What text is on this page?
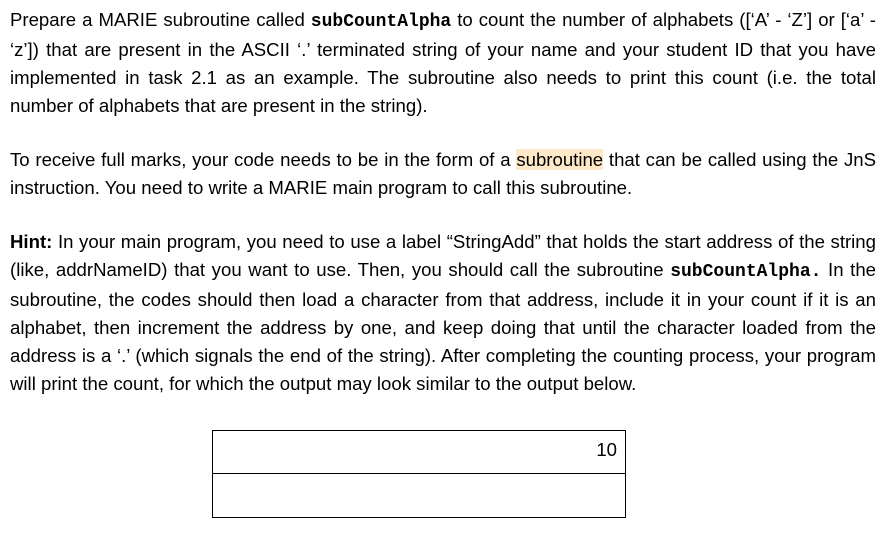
Prepare a MARIE subroutine called subCountAlpha to count the number of alphabets ([‘A’ - ‘Z’] or [‘a’ - ‘z’]) that are present in the ASCII ‘.’ terminated string of your name and your student ID that you have implemented in task 2.1 as an example. The subroutine also needs to print this count (i.e. the total number of alphabets that are present in the string).

To receive full marks, your code needs to be in the form of a subroutine that can be called using the JnS instruction. You need to write a MARIE main program to call this subroutine.

Hint: In your main program, you need to use a label “StringAdd” that holds the start address of the string (like, addrNameID) that you want to use. Then, you should call the subroutine subCountAlpha. In the subroutine, the codes should then load a character from that address, include it in your count if it is an alphabet, then increment the address by one, and keep doing that until the character loaded from the address is a ‘.’ (which signals the end of the string). After completing the counting process, your program will print the count, for which the output may look similar to the output below.

10
